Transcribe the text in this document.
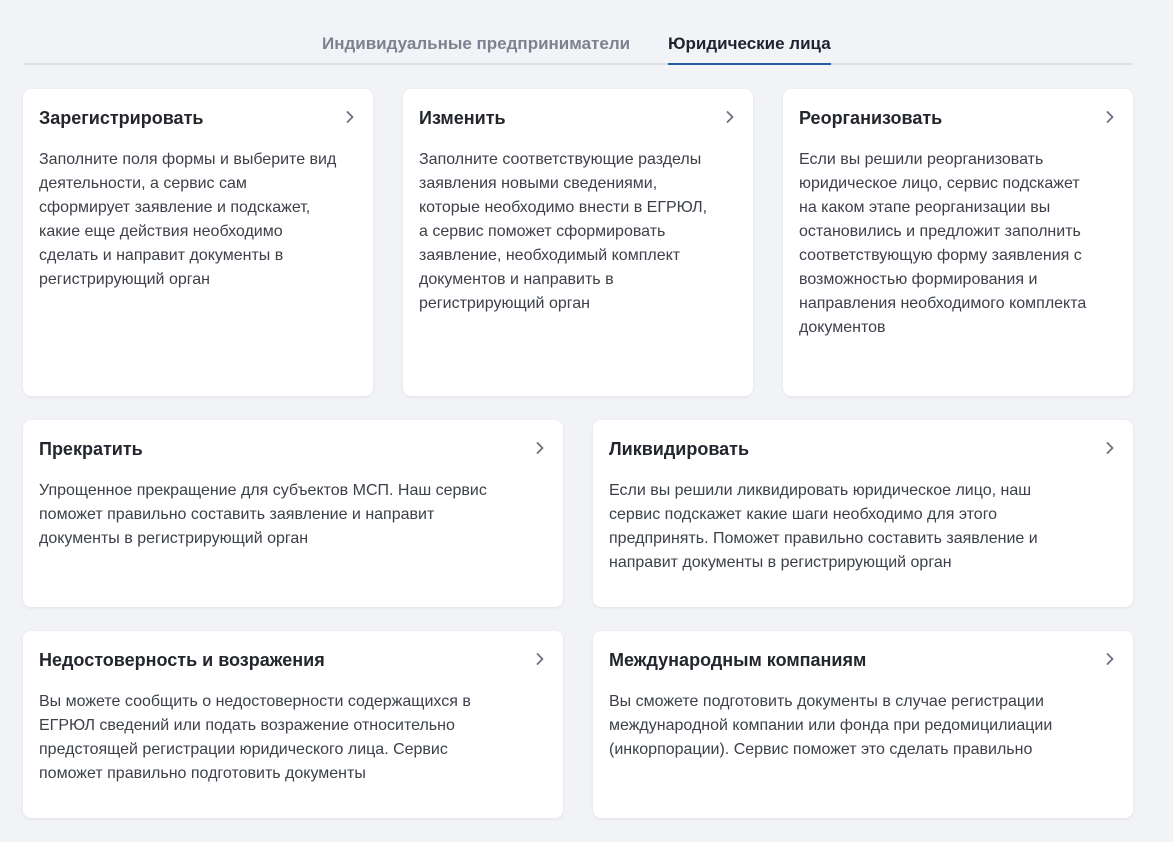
Индивидуальные предприниматели Юридические лица
Зарегистрировать

Заполните поля формы и выберите вид деятельности, а сервис сам сформирует заявление и подскажет, какие еще действия необходимо сделать и направит документы в регистрирующий орган

Изменить

Заполните соответствующие разделы заявления новыми сведениями, которые необходимо внести в ЕГРЮЛ, а сервис поможет сформировать заявление, необходимый комплект документов и направить в регистрирующий орган

Реорганизовать

Если вы решили реорганизовать юридическое лицо, сервис подскажет на каком этапе реорганизации вы остановились и предложит заполнить соответствующую форму заявления с возможностью формирования и направления необходимого комплекта документов

Прекратить

Упрощенное прекращение для субъектов МСП. Наш сервис поможет правильно составить заявление и направит документы в регистрирующий орган

Ликвидировать

Если вы решили ликвидировать юридическое лицо, наш сервис подскажет какие шаги необходимо для этого предпринять. Поможет правильно составить заявление и направит документы в регистрирующий орган

Недостоверность и возражения

Вы можете сообщить о недостоверности содержащихся в ЕГРЮЛ сведений или подать возражение относительно предстоящей регистрации юридического лица. Сервис поможет правильно подготовить документы

Международным компаниям

Вы сможете подготовить документы в случае регистрации международной компании или фонда при редомицилиации (инкорпорации). Сервис поможет это сделать правильно
